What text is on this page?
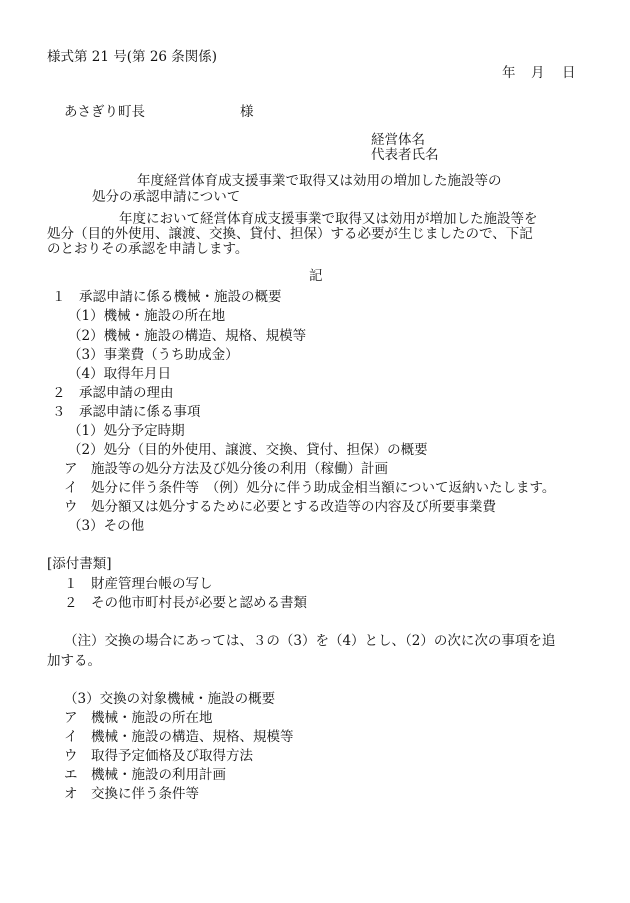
様式第 21 号(第 26 条関係)
年 月 日
あさぎり町長	様
経営体名
代表者氏名
年度経営体育成支援事業で取得又は効用の増加した施設等の
処分の承認申請について
年度において経営体育成支援事業で取得又は効用が増加した施設等を
処分（目的外使用、譲渡、交換、貸付、担保）する必要が生じましたので、下記
のとおりその承認を申請します。
記
１　承認申請に係る機械・施設の概要
（1）機械・施設の所在地
（2）機械・施設の構造、規格、規模等
（3）事業費（うち助成金）
（4）取得年月日
２　承認申請の理由
３　承認申請に係る事項
（1）処分予定時期
（2）処分（目的外使用、譲渡、交換、貸付、担保）の概要
ア　施設等の処分方法及び処分後の利用（稼働）計画
イ　処分に伴う条件等　（例）処分に伴う助成金相当額について返納いたします。
ウ　処分額又は処分するために必要とする改造等の内容及び所要事業費
（3）その他
[添付書類]
１　財産管理台帳の写し
２　その他市町村長が必要と認める書類
（注）交換の場合にあっては、３の（3）を（4）とし、（2）の次に次の事項を追
加する。
（3）交換の対象機械・施設の概要
ア　機械・施設の所在地
イ　機械・施設の構造、規格、規模等
ウ　取得予定価格及び取得方法
エ　機械・施設の利用計画
オ　交換に伴う条件等
